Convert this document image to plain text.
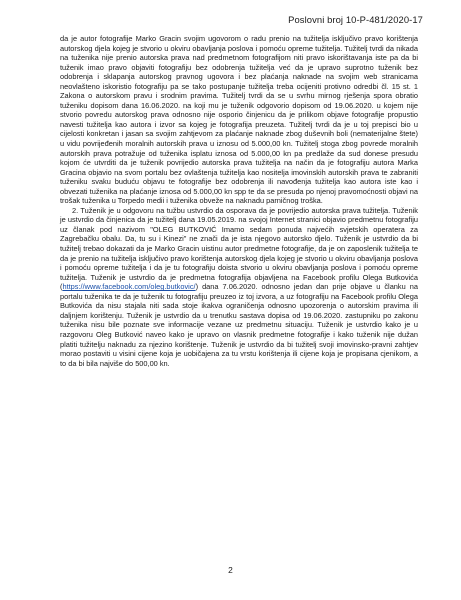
Poslovni broj 10-P-481/2020-17

da je autor fotografije Marko Gracin svojim ugovorom o radu prenio na tužitelja isključivo pravo korištenja autorskog djela kojeg je stvorio u okviru obavljanja poslova i pomoću opreme tužitelja. Tužitelj tvrdi da nikada na tuženika nije prenio autorska prava nad predmetnom fotografijom niti pravo iskorištavanja iste pa da bi tuženik imao pravo objaviti fotografiju bez odobrenja tužitelja već da je upravo suprotno tuženik bez odobrenja i sklapanja autorskog pravnog ugovora i bez plaćanja naknade na svojim web stranicama neovlašteno iskoristio fotografiju pa se tako postupanje tužitelja treba ocijeniti protivno odredbi čl. 15 st. 1 Zakona o autorskom pravu i srodnim pravima. Tužitelj tvrdi da se u svrhu mirnog rješenja spora obratio tuženiku dopisom dana 16.06.2020. na koji mu je tuženik odgovorio dopisom od 19.06.2020. u kojem nije stvorio povredu autorskog prava odnosno nije osporio činjenicu da je prilikom objave fotografije propustio navesti tužitelja kao autora i izvor sa kojeg je fotografija preuzeta. Tužitelj tvrdi da je u toj prepisci bio u cijelosti konkretan i jasan sa svojim zahtjevom za plaćanje naknade zbog duševnih boli (nematerijalne štete) u vidu povrijeđenih moralnih autorskih prava u iznosu od 5.000,00 kn. Tužitelj stoga zbog povrede moralnih autorskih prava potražuje od tuženika isplatu iznosa od 5.000,00 kn pa predlaže da sud donese presudu kojom će utvrditi da je tuženik povrijedio autorska prava tužitelja na način da je fotografiju autora Marka Gracina objavio na svom portalu bez ovlaštenja tužitelja kao nositelja imovinskih autorskih prava te zabraniti tuženiku svaku buduću objavu te fotografije bez odobrenja ili navođenja tužitelja kao autora iste kao i obvezati tuženika na plaćanje iznosa od 5.000,00 kn spp te da se presuda po njenoj pravomoćnosti objavi na trošak tuženika u Torpedo medii i tuženika obveže na naknadu parničnog troška.

2. Tuženik je u odgovoru na tužbu ustvrdio da osporava da je povrijedio autorska prava tužitelja. Tuženik je ustvrdio da činjenica da je tužitelj dana 19.05.2019. na svojoj Internet stranici objavio predmetnu fotografiju uz članak pod nazivom "OLEG BUTKOVIĆ Imamo sedam ponuda najvećih svjetskih operatera za Zagrebačku obalu. Da, tu su i Kinezi" ne znači da je ista njegovo autorsko djelo. Tuženik je ustvrdio da bi tužitelj trebao dokazati da je Marko Gracin uistinu autor predmetne fotografije, da je on zaposlenik tužitelja te da je prenio na tužitelja isključivo pravo korištenja autorskog djela kojeg je stvorio u okviru obavljanja poslova i pomoću opreme tužitelja i da je tu fotografiju doista stvorio u okviru obavljanja poslova i pomoću opreme tužitelja. Tuženik je ustvrdio da je predmetna fotografija objavljena na Facebook profilu Olega Butkovića (https://www.facebook.com/oleg.butkovic/) dana 7.06.2020. odnosno jedan dan prije objave u članku na portalu tuženika te da je tuženik tu fotografiju preuzeo iz toj izvora, a uz fotografiju na Facebook profilu Olega Butkovića da nisu stajala niti sada stoje ikakva ograničenja odnosno upozorenja o autorskim pravima ili daljnjem korištenju. Tuženik je ustvrdio da u trenutku sastava dopisa od 19.06.2020. zastupniku po zakonu tuženika nisu bile poznate sve informacije vezane uz predmetnu situaciju. Tuženik je ustvrdio kako je u razgovoru Oleg Butković naveo kako je upravo on vlasnik predmetne fotografije i kako tuženik nije dužan platiti tužitelju naknadu za njezino korištenje. Tuženik je ustvrdio da bi tužitelj svoji imovinsko-pravni zahtjev morao postaviti u visini cijene koja je uobičajena za tu vrstu korištenja ili cijene koja je propisana cjenikom, a to da bi bila najviše do 500,00 kn.

2
